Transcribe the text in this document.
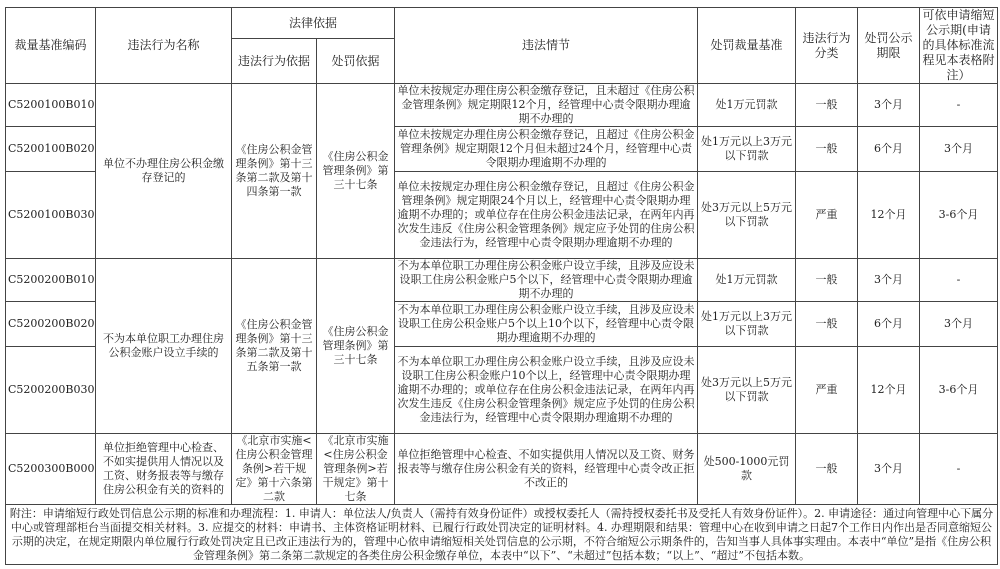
裁量基准编码	违法行为名称	法律依据		违法情节	处罚裁量基准	违法行为分类	处罚公示期限	可依申请缩短公示期(申请的具体标准流程见本表格附注）
		违法行为依据	处罚依据					
C5200100B010	单位不办理住房公积金缴存登记的	《住房公积金管理条例》第十三条第二款及第十四条第一款	《住房公积金管理条例》第三十七条	单位未按规定办理住房公积金缴存登记，且未超过《住房公积金管理条例》规定期限12个月，经管理中心责令限期办理逾期不办理的	处1万元罚款	一般	3个月	-
C5200100B020				单位未按规定办理住房公积金缴存登记，且超过《住房公积金管理条例》规定期限12个月但未超过24个月，经管理中心责令限期办理逾期不办理的	处1万元以上3万元以下罚款	一般	6个月	3个月
C5200100B030				单位未按规定办理住房公积金缴存登记，且超过《住房公积金管理条例》规定期限24个月以上，经管理中心责令限期办理逾期不办理的；或单位存在住房公积金违法记录，在两年内再次发生违反《住房公积金管理条例》规定应予处罚的住房公积金违法行为，经管理中心责令限期办理逾期不办理的	处3万元以上5万元以下罚款	严重	12个月	3-6个月
C5200200B010	不为本单位职工办理住房公积金账户设立手续的	《住房公积金管理条例》第十三条第二款及第十五条第一款	《住房公积金管理条例》第三十七条	不为本单位职工办理住房公积金账户设立手续，且涉及应设未设职工住房公积金账户5个以下，经管理中心责令限期办理逾期不办理的	处1万元罚款	一般	3个月	-
C5200200B020				不为本单位职工办理住房公积金账户设立手续，且涉及应设未设职工住房公积金账户5个以上10个以下，经管理中心责令限期办理逾期不办理的	处1万元以上3万元以下罚款	一般	6个月	3个月
C5200200B030				不为本单位职工办理住房公积金账户设立手续，且涉及应设未设职工住房公积金账户10个以上，经管理中心责令限期办理逾期不办理的；或单位存在住房公积金违法记录，在两年内再次发生违反《住房公积金管理条例》规定应予处罚的住房公积金违法行为，经管理中心责令限期办理逾期不办理的	处3万元以上5万元以下罚款	严重	12个月	3-6个月
C5200300B000	单位拒绝管理中心检查、不如实提供用人情况以及工资、财务报表等与缴存住房公积金有关的资料的	《北京市实施<住房公积金管理条例>若干规定》第十六条第二款	《北京市实施<住房公积金管理条例>若干规定》第十七条	单位拒绝管理中心检查、不如实提供用人情况以及工资、财务报表等与缴存住房公积金有关的资料，经管理中心责令改正拒不改正的	处500-1000元罚款	一般	3个月	-
附注：申请缩短行政处罚信息公示期的标准和办理流程：1. 申请人：单位法人/负责人（需持有效身份证件）或授权委托人（需持授权委托书及受托人有效身份证件）。2. 申请途径：通过向管理中心下属分中心或管理部柜台当面提交相关材料。3. 应提交的材料：申请书、主体资格证明材料、已履行行政处罚决定的证明材料。4. 办理期限和结果：管理中心在收到申请之日起7个工作日内作出是否同意缩短公示期的决定，在规定期限内单位履行行政处罚决定且已改正违法行为的，管理中心依申请缩短相关处罚信息的公示期，不符合缩短公示期条件的，告知当事人具体事实理由。本表中“单位”是指《住房公积金管理条例》第二条第二款规定的各类住房公积金缴存单位，本表中“以下”、“未超过”包括本数；“以上”、“超过”不包括本数。								
